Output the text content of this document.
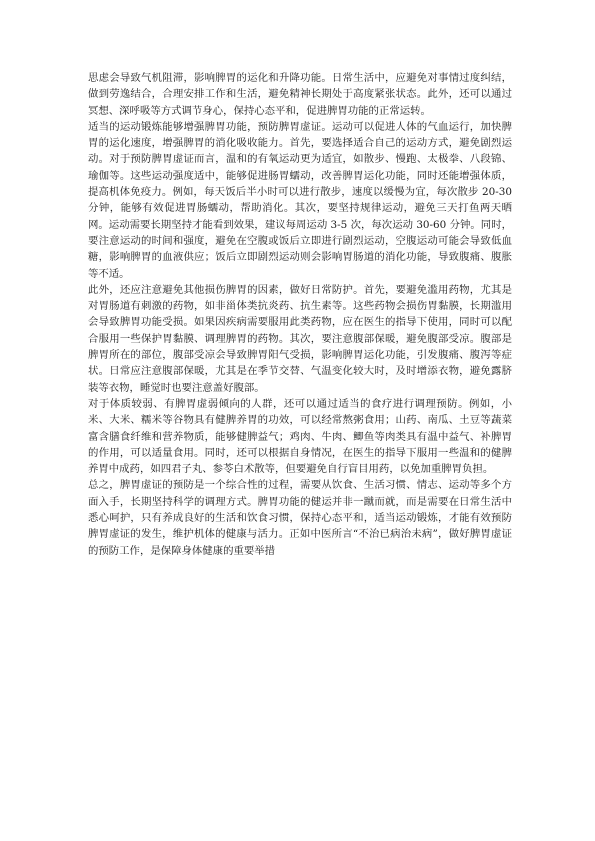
思虑会导致气机阻滞，影响脾胃的运化和升降功能。日常生活中，应避免对事情过度纠结，做到劳逸结合，合理安排工作和生活，避免精神长期处于高度紧张状态。此外，还可以通过冥想、深呼吸等方式调节身心，保持心态平和，促进脾胃功能的正常运转。

适当的运动锻炼能够增强脾胃功能，预防脾胃虚证。运动可以促进人体的气血运行，加快脾胃的运化速度，增强脾胃的消化吸收能力。首先，要选择适合自己的运动方式，避免剧烈运动。对于预防脾胃虚证而言，温和的有氧运动更为适宜，如散步、慢跑、太极拳、八段锦、瑜伽等。这些运动强度适中，能够促进肠胃蠕动，改善脾胃运化功能，同时还能增强体质，提高机体免疫力。例如，每天饭后半小时可以进行散步，速度以缓慢为宜，每次散步 20-30 分钟，能够有效促进胃肠蠕动，帮助消化。其次，要坚持规律运动，避免三天打鱼两天晒网。运动需要长期坚持才能看到效果，建议每周运动 3-5 次，每次运动 30-60 分钟。同时，要注意运动的时间和强度，避免在空腹或饭后立即进行剧烈运动，空腹运动可能会导致低血糖，影响脾胃的血液供应；饭后立即剧烈运动则会影响胃肠道的消化功能，导致腹痛、腹胀等不适。

此外，还应注意避免其他损伤脾胃的因素，做好日常防护。首先，要避免滥用药物，尤其是对胃肠道有刺激的药物，如非甾体类抗炎药、抗生素等。这些药物会损伤胃黏膜，长期滥用会导致脾胃功能受损。如果因疾病需要服用此类药物，应在医生的指导下使用，同时可以配合服用一些保护胃黏膜、调理脾胃的药物。其次，要注意腹部保暖，避免腹部受凉。腹部是脾胃所在的部位，腹部受凉会导致脾胃阳气受损，影响脾胃运化功能，引发腹痛、腹泻等症状。日常应注意腹部保暖，尤其是在季节交替、气温变化较大时，及时增添衣物，避免露脐装等衣物，睡觉时也要注意盖好腹部。

对于体质较弱、有脾胃虚弱倾向的人群，还可以通过适当的食疗进行调理预防。例如，小米、大米、糯米等谷物具有健脾养胃的功效，可以经常熬粥食用；山药、南瓜、土豆等蔬菜富含膳食纤维和营养物质，能够健脾益气；鸡肉、牛肉、鲫鱼等肉类具有温中益气、补脾胃的作用，可以适量食用。同时，还可以根据自身情况，在医生的指导下服用一些温和的健脾养胃中成药，如四君子丸、参苓白术散等，但要避免自行盲目用药，以免加重脾胃负担。

总之，脾胃虚证的预防是一个综合性的过程，需要从饮食、生活习惯、情志、运动等多个方面入手，长期坚持科学的调理方式。脾胃功能的健运并非一蹴而就，而是需要在日常生活中悉心呵护，只有养成良好的生活和饮食习惯，保持心态平和，适当运动锻炼，才能有效预防脾胃虚证的发生，维护机体的健康与活力。正如中医所言“不治已病治未病”，做好脾胃虚证的预防工作，是保障身体健康的重要举措
